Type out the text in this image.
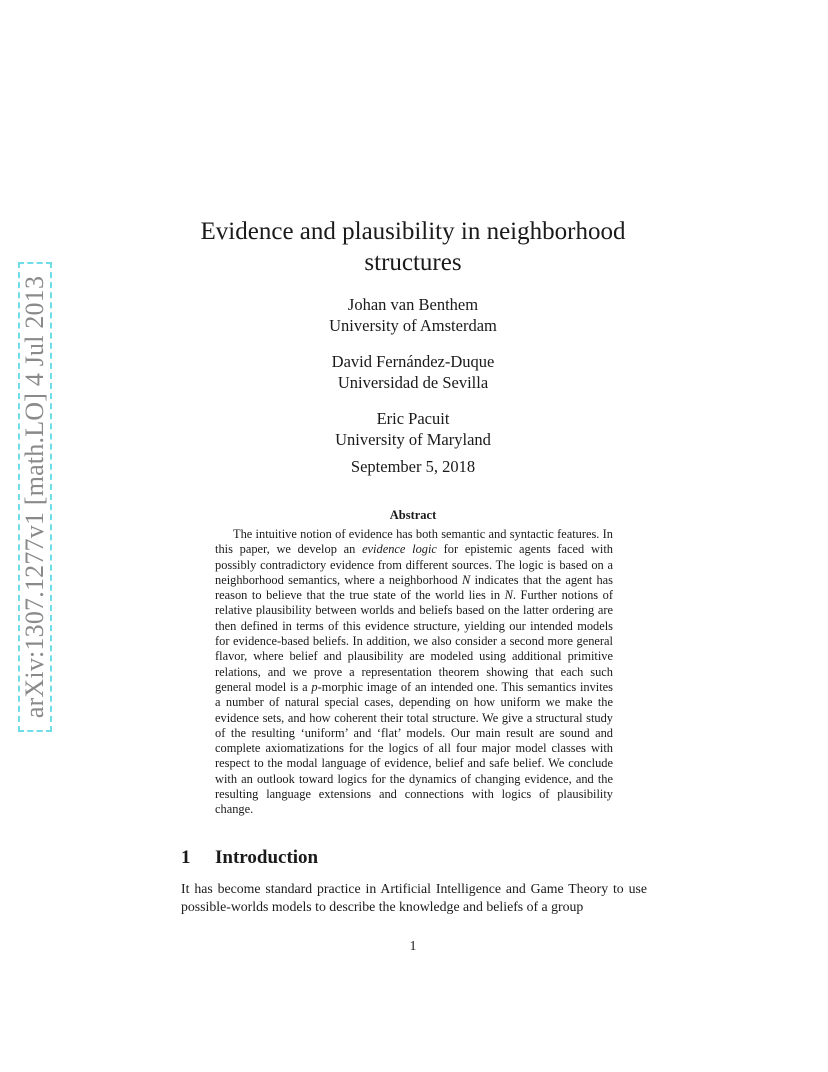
arXiv:1307.1277v1 [math.LO] 4 Jul 2013
Evidence and plausibility in neighborhood structures
Johan van Benthem
University of Amsterdam
David Fernández-Duque
Universidad de Sevilla
Eric Pacuit
University of Maryland
September 5, 2018
Abstract

The intuitive notion of evidence has both semantic and syntactic features. In this paper, we develop an evidence logic for epistemic agents faced with possibly contradictory evidence from different sources. The logic is based on a neighborhood semantics, where a neighborhood N indicates that the agent has reason to believe that the true state of the world lies in N. Further notions of relative plausibility between worlds and beliefs based on the latter ordering are then defined in terms of this evidence structure, yielding our intended models for evidence-based beliefs. In addition, we also consider a second more general flavor, where belief and plausibility are modeled using additional primitive relations, and we prove a representation theorem showing that each such general model is a p-morphic image of an intended one. This semantics invites a number of natural special cases, depending on how uniform we make the evidence sets, and how coherent their total structure. We give a structural study of the resulting ‘uniform’ and ‘flat’ models. Our main result are sound and complete axiomatizations for the logics of all four major model classes with respect to the modal language of evidence, belief and safe belief. We conclude with an outlook toward logics for the dynamics of changing evidence, and the resulting language extensions and connections with logics of plausibility change.

1 Introduction

It has become standard practice in Artificial Intelligence and Game Theory to use possible-worlds models to describe the knowledge and beliefs of a group

1
